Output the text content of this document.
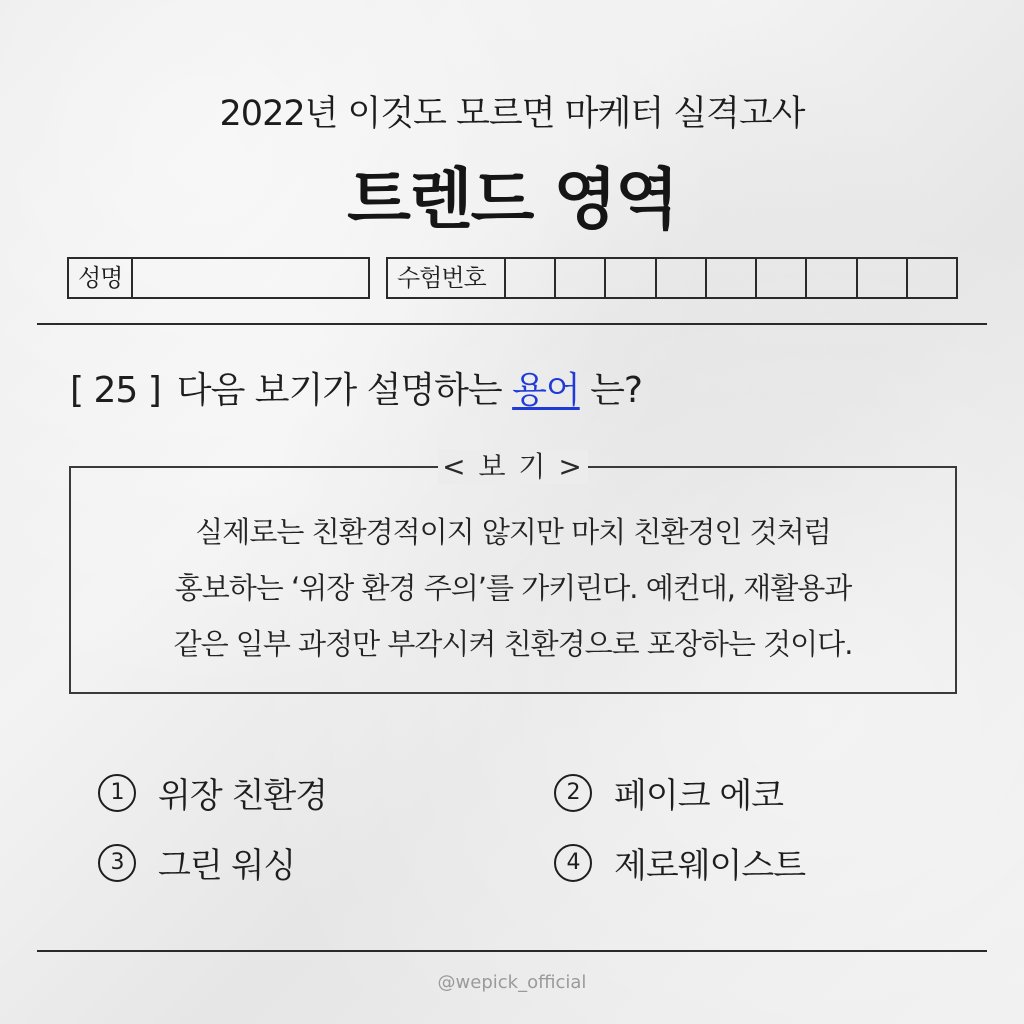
2022년 이것도 모르면 마케터 실격고사
트렌드 영역
성명	수험번호
[ 25 ] 다음 보기가 설명하는 용어 는?
< 보 기 >
실제로는 친환경적이지 않지만 마치 친환경인 것처럼
홍보하는 ‘위장 환경 주의’를 가키린다. 예컨대, 재활용과
같은 일부 과정만 부각시켜 친환경으로 포장하는 것이다.
1	위장 친환경	2	페이크 에코
3	그린 워싱	4	제로웨이스트
@wepick_official
